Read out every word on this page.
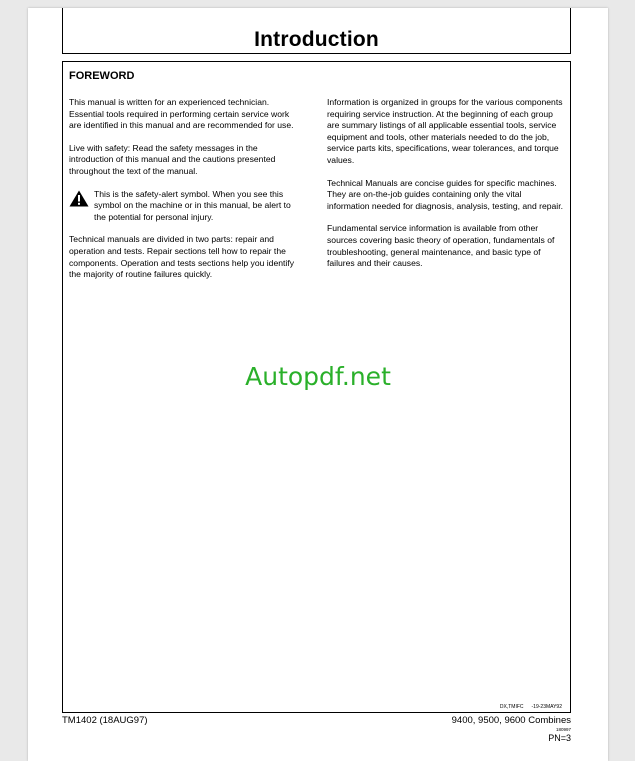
Introduction
FOREWORD

This manual is written for an experienced technician. Essential tools required in performing certain service work are identified in this manual and are recommended for use.

Live with safety: Read the safety messages in the introduction of this manual and the cautions presented throughout the text of the manual.

This is the safety-alert symbol. When you see this symbol on the machine or in this manual, be alert to the potential for personal injury.

Technical manuals are divided in two parts: repair and operation and tests. Repair sections tell how to repair the components. Operation and tests sections help you identify the majority of routine failures quickly.

Information is organized in groups for the various components requiring service instruction. At the beginning of each group are summary listings of all applicable essential tools, service equipment and tools, other materials needed to do the job, service parts kits, specifications, wear tolerances, and torque values.

Technical Manuals are concise guides for specific machines. They are on-the-job guides containing only the vital information needed for diagnosis, analysis, testing, and repair.

Fundamental service information is available from other sources covering basic theory of operation, fundamentals of troubleshooting, general maintenance, and basic type of failures and their causes.

DX,TMIFC -19-23MAY92
TM1402 (18AUG97)	9400, 9500, 9600 Combines
180997
PN=3
Autopdf.net
